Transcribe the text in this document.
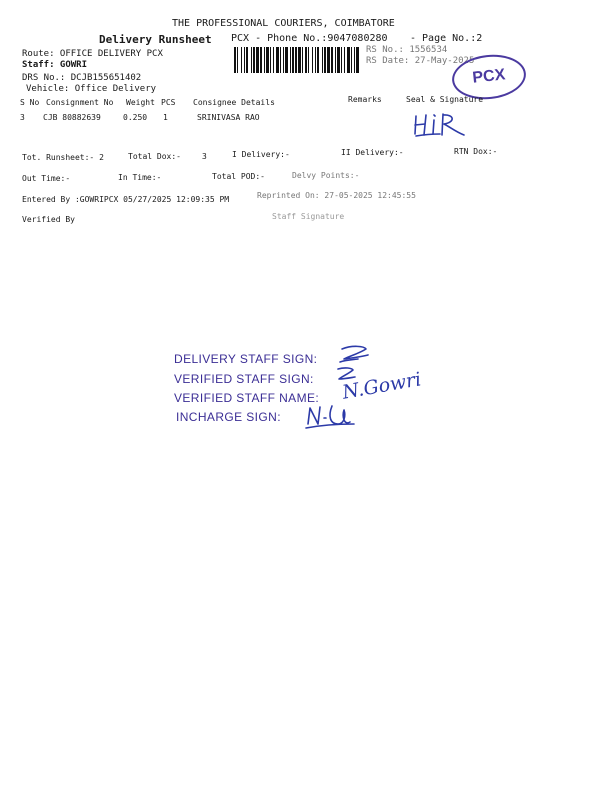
THE PROFESSIONAL COURIERS, COIMBATORE
Delivery Runsheet PCX - Phone No.:9047080280 - Page No.:2
RS No.: 1556534
RS Date: 27-May-2025
PCX
Route: OFFICE DELIVERY PCX
Staff: GOWRI
DRS No.: DCJB155651402
Vehicle: Office Delivery
S No Consignment No Weight PCS Consignee Details	Remarks	Seal & Signature
3 CJB 80882639	0.250 1	SRINIVASA RAO
Tot. Runsheet:- 2	Total Dox:-	3	I Delivery:-	II Delivery:-	RTN Dox:-
Out Time:-	In Time:-	Total POD:-	Delvy Points:-
Entered By :GOWRIPCX 05/27/2025 12:09:35 PM	Reprinted On: 27-05-2025 12:45:55
Verified By	Staff Signature
DELIVERY STAFF SIGN:
VERIFIED STAFF SIGN:
VERIFIED STAFF NAME:
INCHARGE SIGN:
N.Gowri
